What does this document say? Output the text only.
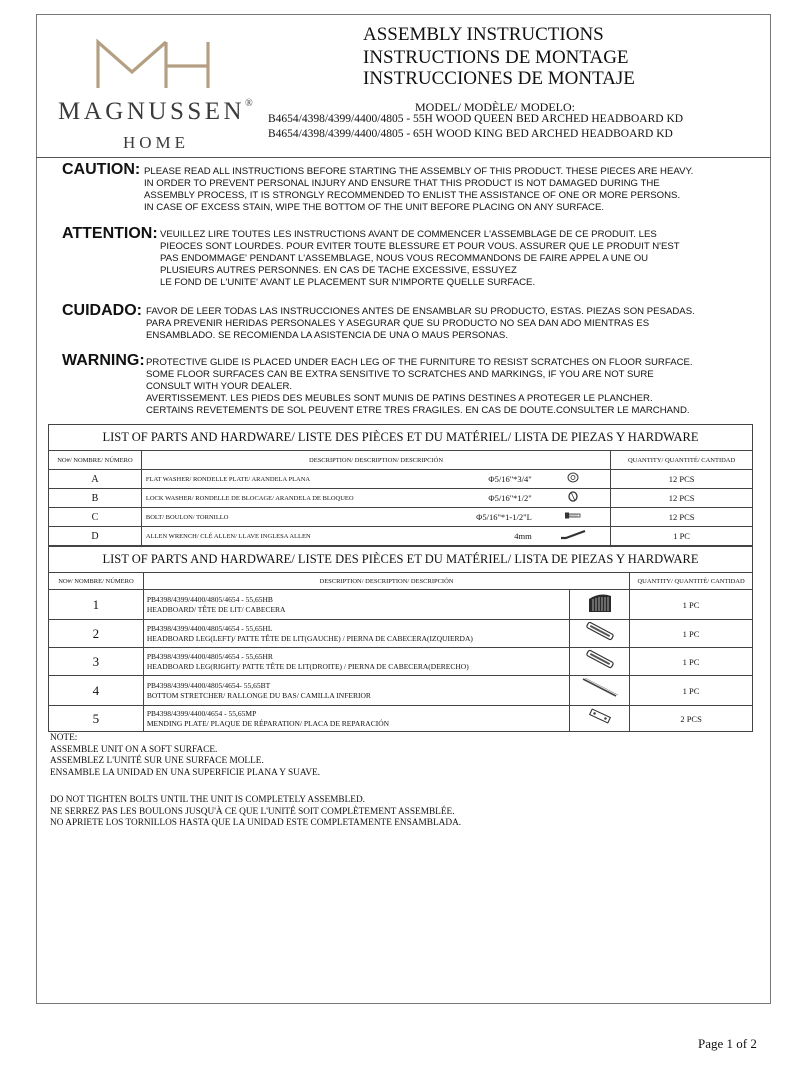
MAGNUSSEN®
HOME
ASSEMBLY INSTRUCTIONS
INSTRUCTIONS DE MONTAGE
INSTRUCCIONES DE MONTAJE
MODEL/ MODÈLE/ MODELO:
B4654/4398/4399/4400/4805 - 55H WOOD QUEEN BED ARCHED HEADBOARD KD
B4654/4398/4399/4400/4805 - 65H WOOD KING BED ARCHED HEADBOARD KD
CAUTION: PLEASE READ ALL INSTRUCTIONS BEFORE STARTING THE ASSEMBLY OF THIS PRODUCT. THESE PIECES ARE HEAVY.
IN ORDER TO PREVENT PERSONAL INJURY AND ENSURE THAT THIS PRODUCT IS NOT DAMAGED DURING THE
ASSEMBLY PROCESS, IT IS STRONGLY RECOMMENDED TO ENLIST THE ASSISTANCE OF ONE OR MORE PERSONS.
IN CASE OF EXCESS STAIN, WIPE THE BOTTOM OF THE UNIT BEFORE PLACING ON ANY SURFACE.
ATTENTION: VEUILLEZ LIRE TOUTES LES INSTRUCTIONS AVANT DE COMMENCER L'ASSEMBLAGE DE CE PRODUIT. LES
PIEOCES SONT LOURDES. POUR EVITER TOUTE BLESSURE ET POUR VOUS. ASSURER QUE LE PRODUIT N'EST
PAS ENDOMMAGE' PENDANT L'ASSEMBLAGE, NOUS VOUS RECOMMANDONS DE FAIRE APPEL A UNE OU
PLUSIEURS AUTRES PERSONNES. EN CAS DE TACHE EXCESSIVE, ESSUYEZ
LE FOND DE L'UNITE' AVANT LE PLACEMENT SUR N'IMPORTE QUELLE SURFACE.
CUIDADO: FAVOR DE LEER TODAS LAS INSTRUCCIONES ANTES DE ENSAMBLAR SU PRODUCTO, ESTAS. PIEZAS SON PESADAS.
PARA PREVENIR HERIDAS PERSONALES Y ASEGURAR QUE SU PRODUCTO NO SEA DAN ADO MIENTRAS ES
ENSAMBLADO. SE RECOMIENDA LA ASISTENCIA DE UNA O MAUS PERSONAS.
WARNING: PROTECTIVE GLIDE IS PLACED UNDER EACH LEG OF THE FURNITURE TO RESIST SCRATCHES ON FLOOR SURFACE.
SOME FLOOR SURFACES CAN BE EXTRA SENSITIVE TO SCRATCHES AND MARKINGS, IF YOU ARE NOT SURE
CONSULT WITH YOUR DEALER.
AVERTISSEMENT. LES PIEDS DES MEUBLES SONT MUNIS DE PATINS DESTINES A PROTEGER LE PLANCHER.
CERTAINS REVETEMENTS DE SOL PEUVENT ETRE TRES FRAGILES. EN CAS DE DOUTE.CONSULTER LE MARCHAND.
LIST OF PARTS AND HARDWARE/ LISTE DES PIÈCES ET DU MATÉRIEL/ LISTA DE PIEZAS Y HARDWARE			
NO#/ NOMBRE/ NÚMERO	DESCRIPTION/ DESCRIPTION/ DESCRIPCIÓN		QUANTITY/ QUANTITÉ/ CANTIDAD
A	FLAT WASHER/ RONDELLE PLATE/ ARANDELA PLANA Φ5/16"*3/4"		12 PCS
B	LOCK WASHER/ RONDELLE DE BLOCAGE/ ARANDELA DE BLOQUEO Φ5/16"*1/2"		12 PCS
C	BOLT/ BOULON/ TORNILLO Φ5/16"*1-1/2"L		12 PCS
D	ALLEN WRENCH/ CLÉ ALLEN/ LLAVE INGLESA ALLEN 4mm		1 PC
LIST OF PARTS AND HARDWARE/ LISTE DES PIÈCES ET DU MATÉRIEL/ LISTA DE PIEZAS Y HARDWARE			
NO#/ NOMBRE/ NÚMERO	DESCRIPTION/ DESCRIPTION/ DESCRIPCIÓN		QUANTITY/ QUANTITÉ/ CANTIDAD
1	PB4398/4399/4400/4805/4654 - 55,65HB
HEADBOARD/ TÊTE DE LIT/ CABECERA		1 PC
2	PB4398/4399/4400/4805/4654 - 55,65HL
HEADBOARD LEG(LEFT)/ PATTE TÊTE DE LIT(GAUCHE) / PIERNA DE CABECERA(IZQUIERDA)		1 PC
3	PB4398/4399/4400/4805/4654 - 55,65HR
HEADBOARD LEG(RIGHT)/ PATTE TÊTE DE LIT(DROITE) / PIERNA DE CABECERA(DERECHO)		1 PC
4	PB4398/4399/4400/4805/4654- 55,65BT
BOTTOM STRETCHER/ RALLONGE DU BAS/ CAMILLA INFERIOR		1 PC
5	PB4398/4399/4400/4654 - 55,65MP
MENDING PLATE/ PLAQUE DE RÉPARATION/ PLACA DE REPARACIÓN		2 PCS
NOTE:
ASSEMBLE UNIT ON A SOFT SURFACE.
ASSEMBLEZ L'UNITÉ SUR UNE SURFACE MOLLE.
ENSAMBLE LA UNIDAD EN UNA SUPERFICIE PLANA Y SUAVE.
DO NOT TIGHTEN BOLTS UNTIL THE UNIT IS COMPLETELY ASSEMBLED.
NE SERREZ PAS LES BOULONS JUSQU'À CE QUE L'UNITÉ SOIT COMPLÈTEMENT ASSEMBLÉE.
NO APRIETE LOS TORNILLOS HASTA QUE LA UNIDAD ESTE COMPLETAMENTE ENSAMBLADA.
Page 1 of 2
